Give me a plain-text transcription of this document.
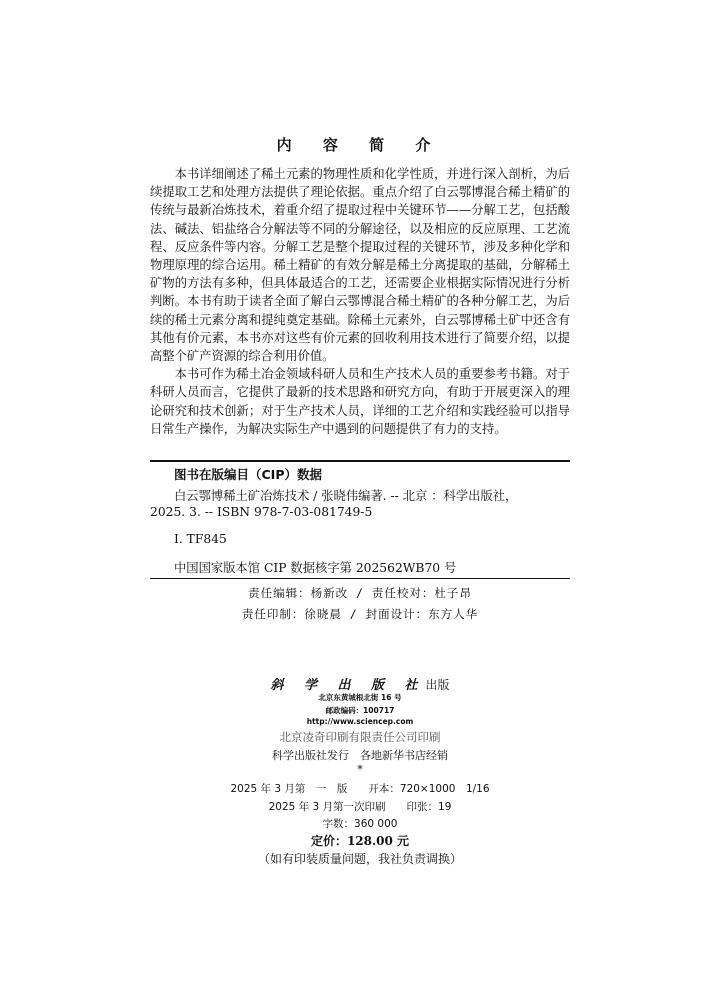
内 容 简 介

本书详细阐述了稀土元素的物理性质和化学性质，并进行深入剖析，为后续提取工艺和处理方法提供了理论依据。重点介绍了白云鄂博混合稀土精矿的传统与最新冶炼技术，着重介绍了提取过程中关键环节——分解工艺，包括酸法、碱法、铝盐络合分解法等不同的分解途径，以及相应的反应原理、工艺流程、反应条件等内容。分解工艺是整个提取过程的关键环节，涉及多种化学和物理原理的综合运用。稀土精矿的有效分解是稀土分离提取的基础，分解稀土矿物的方法有多种，但具体最适合的工艺，还需要企业根据实际情况进行分析判断。本书有助于读者全面了解白云鄂博混合稀土精矿的各种分解工艺，为后续的稀土元素分离和提纯奠定基础。除稀土元素外，白云鄂博稀土矿中还含有其他有价元素，本书亦对这些有价元素的回收利用技术进行了简要介绍，以提高整个矿产资源的综合利用价值。

本书可作为稀土冶金领域科研人员和生产技术人员的重要参考书籍。对于科研人员而言，它提供了最新的技术思路和研究方向，有助于开展更深入的理论研究和技术创新；对于生产技术人员，详细的工艺介绍和实践经验可以指导日常生产操作，为解决实际生产中遇到的问题提供了有力的支持。

图书在版编目（CIP）数据
白云鄂博稀土矿冶炼技术 / 张晓伟编著. -- 北京 ：科学出版社，
2025. 3. -- ISBN 978-7-03-081749-5
Ⅰ. TF845
中国国家版本馆 CIP 数据核字第 202562WB70 号
责任编辑：杨新改 / 责任校对：杜子昂
责任印制：徐晓晨 / 封面设计：东方人华
斜 学 出 版 社出版
北京东黄城根北街 16 号
邮政编码：100717
http://www.sciencep.com
北京凌奇印刷有限责任公司印刷
科学出版社发行　各地新华书店经销
*
2025 年 3 月第　一　版　　开本：720×1000　1/16
2025 年 3 月第一次印刷　　印张：19
字数：360 000
定价：128.00 元
（如有印装质量问题，我社负责调换）
